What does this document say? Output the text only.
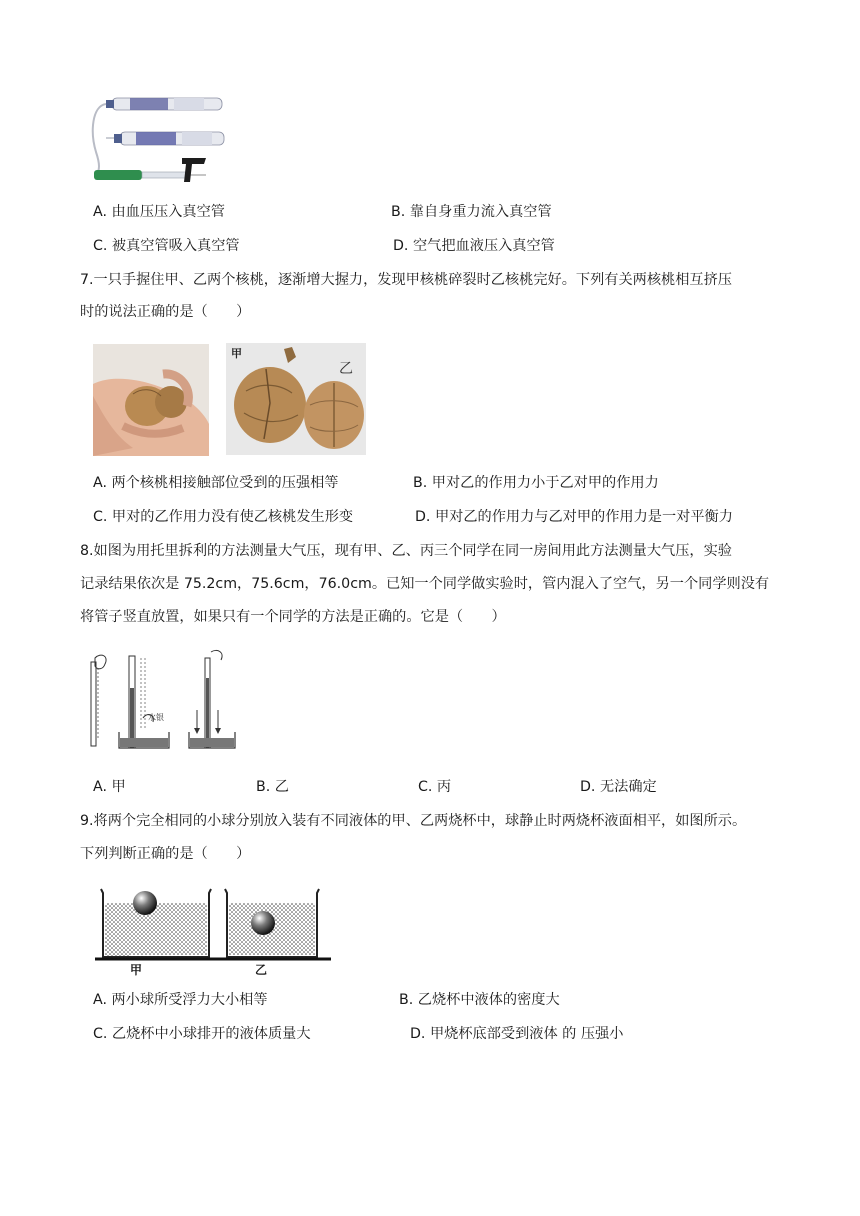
A. 由血压压入真空管	B. 靠自身重力流入真空管
C. 被真空管吸入真空管	D. 空气把血液压入真空管
7.一只手握住甲、乙两个核桃，逐渐增大握力，发现甲核桃碎裂时乙核桃完好。下列有关两核桃相互挤压
时的说法正确的是（　　）
甲
乙
A. 两个核桃相接触部位受到的压强相等	B. 甲对乙的作用力小于乙对甲的作用力
C. 甲对的乙作用力没有使乙核桃发生形变	D. 甲对乙的作用力与乙对甲的作用力是一对平衡力
8.如图为用托里拆利的方法测量大气压，现有甲、乙、丙三个同学在同一房间用此方法测量大气压，实验
记录结果依次是 75.2cm，75.6cm，76.0cm。已知一个同学做实验时，管内混入了空气，另一个同学则没有
将管子竖直放置，如果只有一个同学的方法是正确的。它是（　　）
水银
A. 甲	B. 乙	C. 丙	D. 无法确定
9.将两个完全相同的小球分别放入装有不同液体的甲、乙两烧杯中，球静止时两烧杯液面相平，如图所示。
下列判断正确的是（　　）
甲	乙
A. 两小球所受浮力大小相等	B. 乙烧杯中液体的密度大
C. 乙烧杯中小球排开的液体质量大	D. 甲烧杯底部受到液体 的 压强小
